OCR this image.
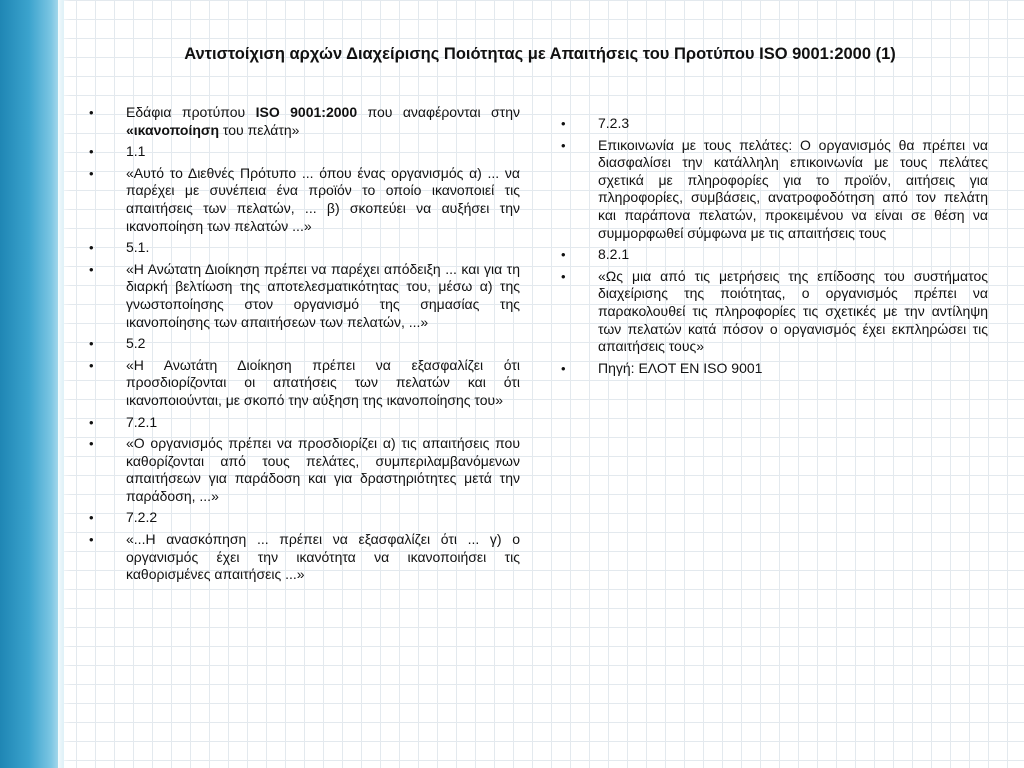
Αντιστοίχιση αρχών Διαχείρισης Ποιότητας με Απαιτήσεις του Προτύπου ISO 9001:2000 (1)
• Εδάφια προτύπου ISO 9001:2000 που αναφέρονται στην «ικανοποίηση του πελάτη»
• 1.1
• «Αυτό το Διεθνές Πρότυπο ... όπου ένας οργανισμός α) ... να παρέχει με συνέπεια ένα προϊόν το οποίο ικανοποιεί τις απαιτήσεις των πελατών, ... β) σκοπεύει να αυξήσει την ικανοποίηση των πελατών ...»
• 5.1.
• «Η Ανώτατη Διοίκηση πρέπει να παρέχει απόδειξη ... και για τη διαρκή βελτίωση της αποτελεσματικότητας του, μέσω α) της γνωστοποίησης στον οργανισμό της σημασίας της ικανοποίησης των απαιτήσεων των πελατών, ...»
• 5.2
• «Η Ανωτάτη Διοίκηση πρέπει να εξασφαλίζει ότι προσδιορίζονται οι απατήσεις των πελατών και ότι ικανοποιούνται, με σκοπό την αύξηση της ικανοποίησης του»
• 7.2.1
• «Ο οργανισμός πρέπει να προσδιορίζει α) τις απαιτήσεις που καθορίζονται από τους πελάτες, συμπεριλαμβανόμενων απαιτήσεων για παράδοση και για δραστηριότητες μετά την παράδοση, ...»
• 7.2.2
• «...Η ανασκόπηση ... πρέπει να εξασφαλίζει ότι ... γ) ο οργανισμός έχει την ικανότητα να ικανοποιήσει τις καθορισμένες απαιτήσεις ...»
• 7.2.3
• Επικοινωνία με τους πελάτες: Ο οργανισμός θα πρέπει να διασφαλίσει την κατάλληλη επικοινωνία με τους πελάτες σχετικά με πληροφορίες για το προϊόν, αιτήσεις για πληροφορίες, συμβάσεις, ανατροφοδότηση από τον πελάτη και παράπονα πελατών, προκειμένου να είναι σε θέση να συμμορφωθεί σύμφωνα με τις απαιτήσεις τους
• 8.2.1
• «Ως μια από τις μετρήσεις της επίδοσης του συστήματος διαχείρισης της ποιότητας, ο οργανισμός πρέπει να παρακολουθεί τις πληροφορίες τις σχετικές με την αντίληψη των πελατών κατά πόσον ο οργανισμός έχει εκπληρώσει τις απαιτήσεις τους»
• Πηγή: ΕΛΟΤ ΕΝ ISO 9001
